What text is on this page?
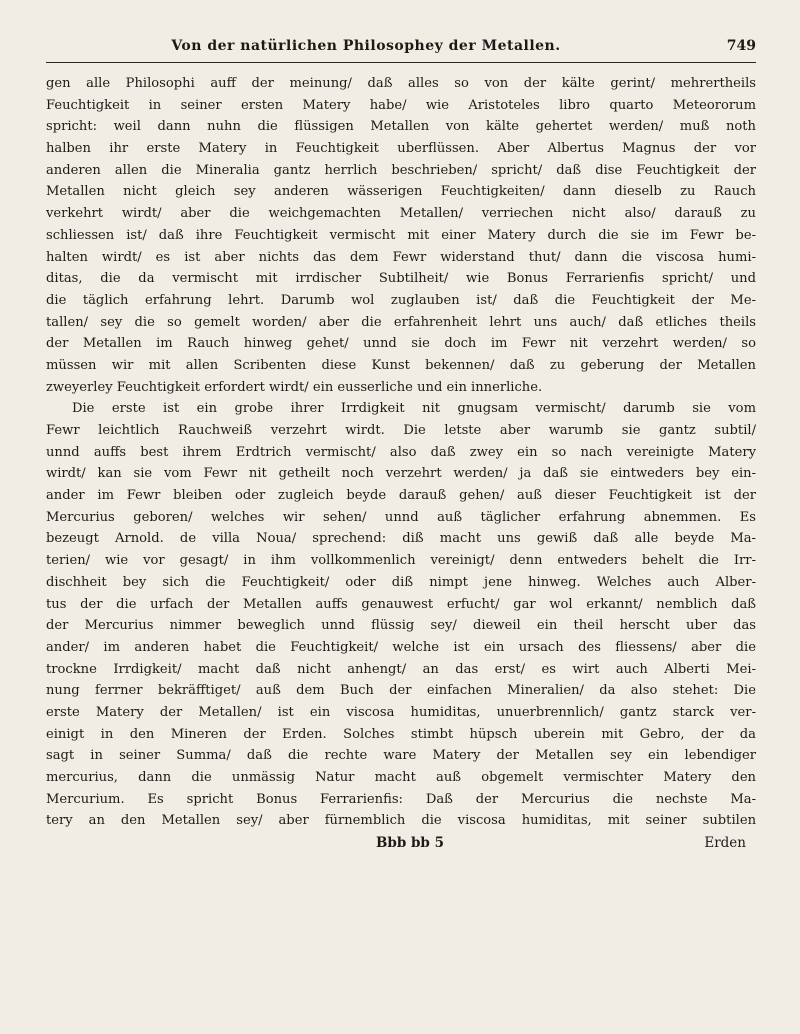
Von der natürlichen Philosophey der Metallen.	749
gen alle Philosophi auff der meinung/ daß alles so von der kälte gerint/ mehrertheils
Feuchtigkeit in seiner ersten Matery habe/ wie Aristoteles libro quarto Meteororum
spricht: weil dann nuhn die flüssigen Metallen von kälte gehertet werden/ muß noth
halben ihr erste Matery in Feuchtigkeit uberflüssen. Aber Albertus Magnus der vor
anderen allen die Mineralia gantz herrlich beschrieben/ spricht/ daß dise Feuchtigkeit der
Metallen nicht gleich sey anderen wässerigen Feuchtigkeiten/ dann dieselb zu Rauch
verkehrt wirdt/ aber die weichgemachten Metallen/ verriechen nicht also/ darauß zu
schliessen ist/ daß ihre Feuchtigkeit vermischt mit einer Matery durch die sie im Fewr be-
halten wirdt/ es ist aber nichts das dem Fewr widerstand thut/ dann die viscosa humi-
ditas, die da vermischt mit irrdischer Subtilheit/ wie Bonus Ferrarienfis spricht/ und
die täglich erfahrung lehrt. Darumb wol zuglauben ist/ daß die Feuchtigkeit der Me-
tallen/ sey die so gemelt worden/ aber die erfahrenheit lehrt uns auch/ daß etliches theils
der Metallen im Rauch hinweg gehet/ unnd sie doch im Fewr nit verzehrt werden/ so
müssen wir mit allen Scribenten diese Kunst bekennen/ daß zu geberung der Metallen
zweyerley Feuchtigkeit erfordert wirdt/ ein eusserliche und ein innerliche.
Die erste ist ein grobe ihrer Irrdigkeit nit gnugsam vermischt/ darumb sie vom
Fewr leichtlich Rauchweiß verzehrt wirdt. Die letste aber warumb sie gantz subtil/
unnd auffs best ihrem Erdtrich vermischt/ also daß zwey ein so nach vereinigte Matery
wirdt/ kan sie vom Fewr nit getheilt noch verzehrt werden/ ja daß sie eintweders bey ein-
ander im Fewr bleiben oder zugleich beyde darauß gehen/ auß dieser Feuchtigkeit ist der
Mercurius geboren/ welches wir sehen/ unnd auß täglicher erfahrung abnemmen. Es
bezeugt Arnold. de villa Noua/ sprechend: diß macht uns gewiß daß alle beyde Ma-
terien/ wie vor gesagt/ in ihm vollkommenlich vereinigt/ denn entweders behelt die Irr-
dischheit bey sich die Feuchtigkeit/ oder diß nimpt jene hinweg. Welches auch Alber-
tus der die urfach der Metallen auffs genauwest erfucht/ gar wol erkannt/ nemblich daß
der Mercurius nimmer beweglich unnd flüssig sey/ dieweil ein theil herscht uber das
ander/ im anderen habet die Feuchtigkeit/ welche ist ein ursach des fliessens/ aber die
trockne Irrdigkeit/ macht daß nicht anhengt/ an das erst/ es wirt auch Alberti Mei-
nung ferrner bekräfftiget/ auß dem Buch der einfachen Mineralien/ da also stehet: Die
erste Matery der Metallen/ ist ein viscosa humiditas, unuerbrennlich/ gantz starck ver-
einigt in den Mineren der Erden. Solches stimbt hüpsch uberein mit Gebro, der da
sagt in seiner Summa/ daß die rechte ware Matery der Metallen sey ein lebendiger
mercurius, dann die unmässig Natur macht auß obgemelt vermischter Matery den
Mercurium. Es spricht Bonus Ferrarienfis: Daß der Mercurius die nechste Ma-
tery an den Metallen sey/ aber fürnemblich die viscosa humiditas, mit seiner subtilen
Bbb bb 5	Erden
